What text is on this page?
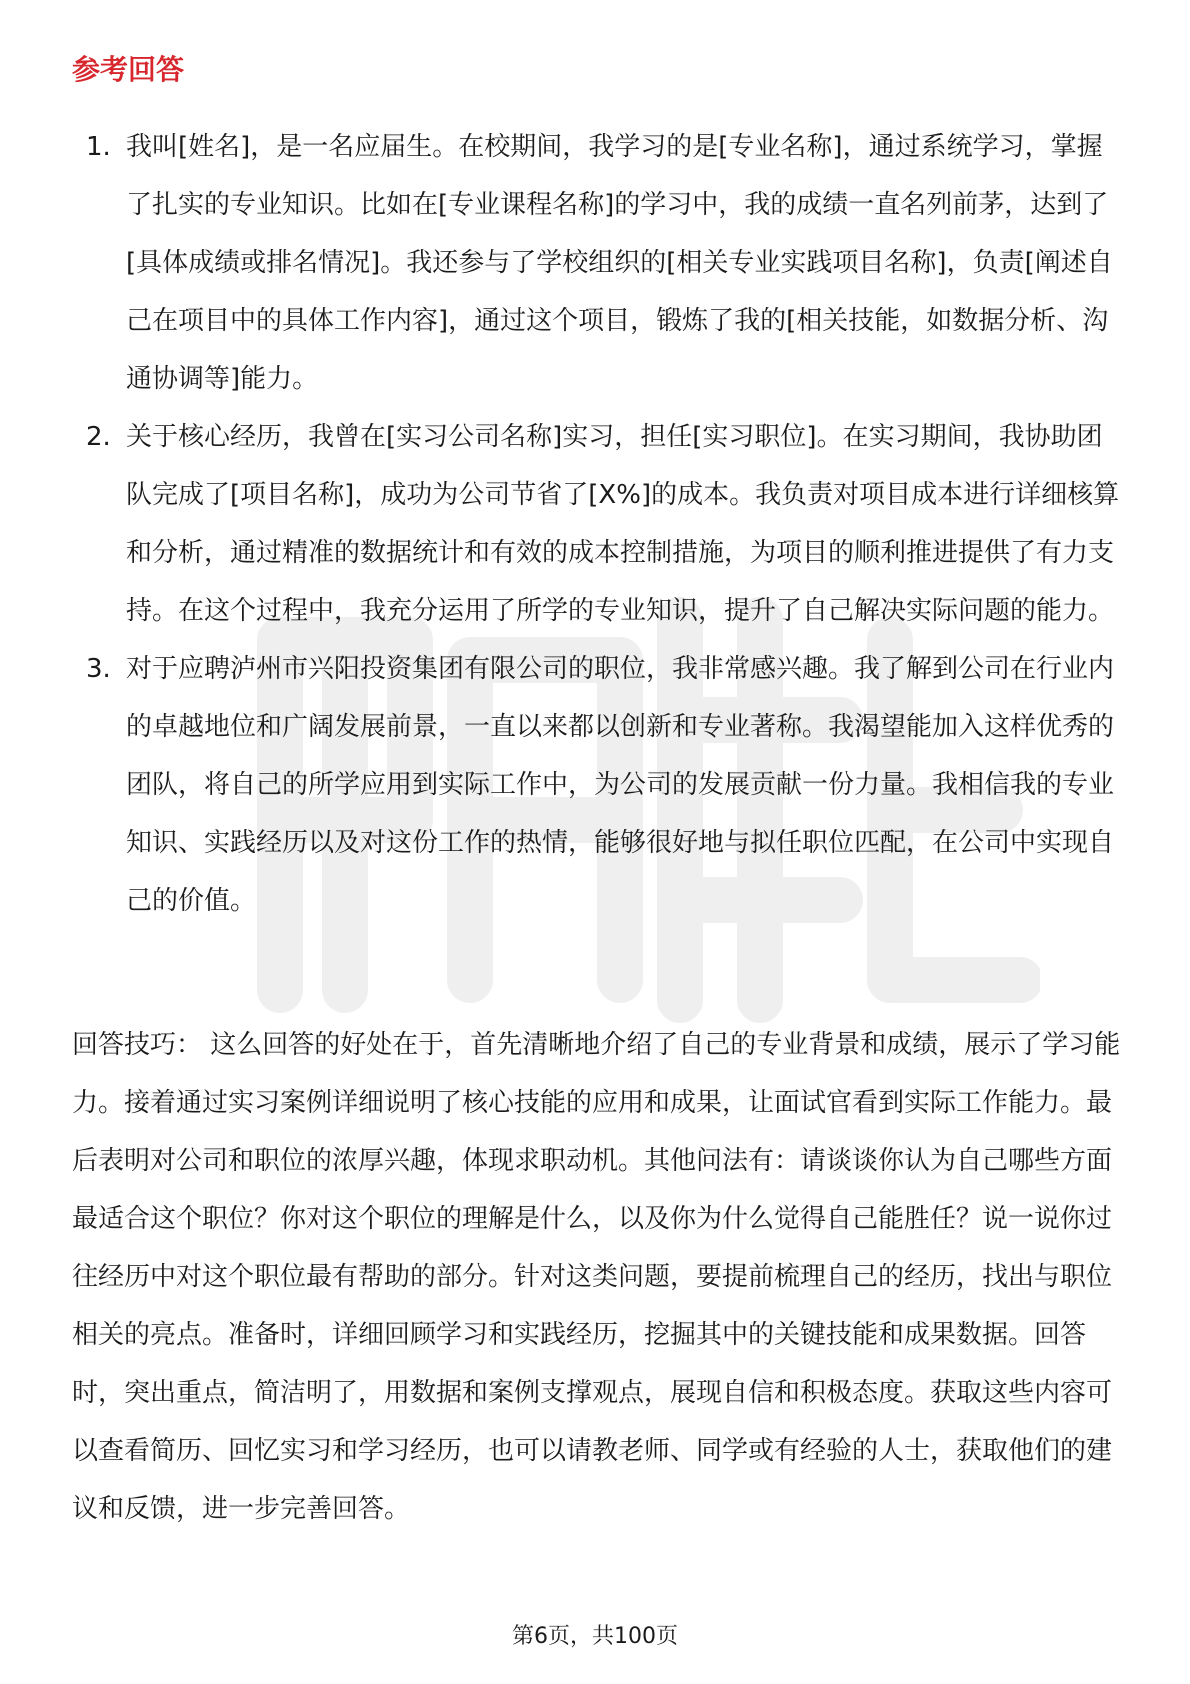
参考回答
1. 我叫[姓名]，是一名应届生。在校期间，我学习的是[专业名称]，通过系统学习，掌握了扎实的专业知识。比如在[专业课程名称]的学习中，我的成绩一直名列前茅，达到了[具体成绩或排名情况]。我还参与了学校组织的[相关专业实践项目名称]，负责[阐述自己在项目中的具体工作内容]，通过这个项目，锻炼了我的[相关技能，如数据分析、沟通协调等]能力。
2. 关于核心经历，我曾在[实习公司名称]实习，担任[实习职位]。在实习期间，我协助团队完成了[项目名称]，成功为公司节省了[X%]的成本。我负责对项目成本进行详细核算和分析，通过精准的数据统计和有效的成本控制措施，为项目的顺利推进提供了有力支持。在这个过程中，我充分运用了所学的专业知识，提升了自己解决实际问题的能力。
3. 对于应聘泸州市兴阳投资集团有限公司的职位，我非常感兴趣。我了解到公司在行业内的卓越地位和广阔发展前景，一直以来都以创新和专业著称。我渴望能加入这样优秀的团队，将自己的所学应用到实际工作中，为公司的发展贡献一份力量。我相信我的专业知识、实践经历以及对这份工作的热情，能够很好地与拟任职位匹配，在公司中实现自己的价值。

回答技巧： 这么回答的好处在于，首先清晰地介绍了自己的专业背景和成绩，展示了学习能力。接着通过实习案例详细说明了核心技能的应用和成果，让面试官看到实际工作能力。最后表明对公司和职位的浓厚兴趣，体现求职动机。其他问法有：请谈谈你认为自己哪些方面最适合这个职位？你对这个职位的理解是什么，以及你为什么觉得自己能胜任？说一说你过往经历中对这个职位最有帮助的部分。针对这类问题，要提前梳理自己的经历，找出与职位相关的亮点。准备时，详细回顾学习和实践经历，挖掘其中的关键技能和成果数据。回答时，突出重点，简洁明了，用数据和案例支撑观点，展现自信和积极态度。获取这些内容可以查看简历、回忆实习和学习经历，也可以请教老师、同学或有经验的人士，获取他们的建议和反馈，进一步完善回答。

第6页，共100页
